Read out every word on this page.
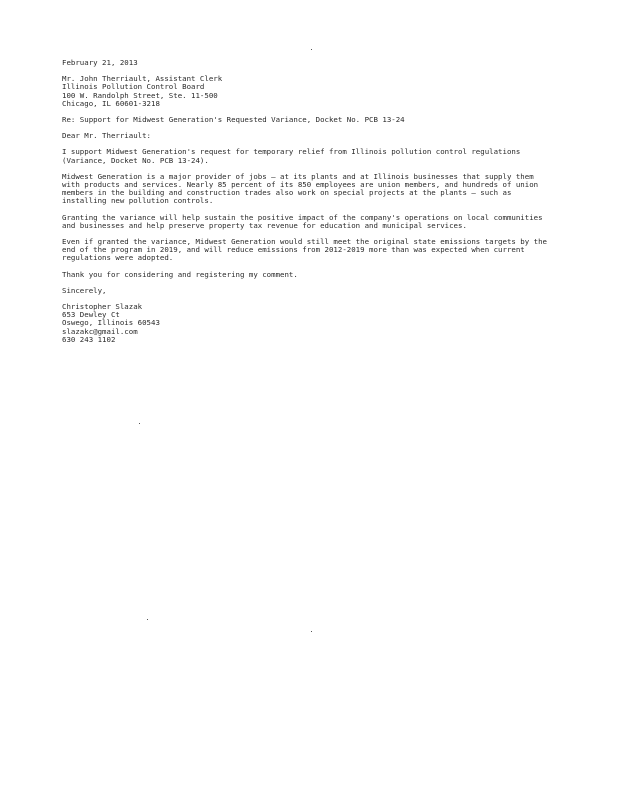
February 21, 2013
Mr. John Therriault, Assistant Clerk
Illinois Pollution Control Board
100 W. Randolph Street, Ste. 11-500
Chicago, IL 60601-3218
Re: Support for Midwest Generation's Requested Variance, Docket No. PCB 13-24
Dear Mr. Therriault:
I support Midwest Generation's request for temporary relief from Illinois pollution control regulations
(Variance, Docket No. PCB 13-24).
Midwest Generation is a major provider of jobs — at its plants and at Illinois businesses that supply them
with products and services. Nearly 85 percent of its 850 employees are union members, and hundreds of union
members in the building and construction trades also work on special projects at the plants — such as
installing new pollution controls.
Granting the variance will help sustain the positive impact of the company's operations on local communities
and businesses and help preserve property tax revenue for education and municipal services.
Even if granted the variance, Midwest Generation would still meet the original state emissions targets by the
end of the program in 2019, and will reduce emissions from 2012-2019 more than was expected when current
regulations were adopted.
Thank you for considering and registering my comment.
Sincerely,
Christopher Slazak
653 Dewley Ct
Oswego, Illinois 60543
slazakc@gmail.com
630 243 1102
